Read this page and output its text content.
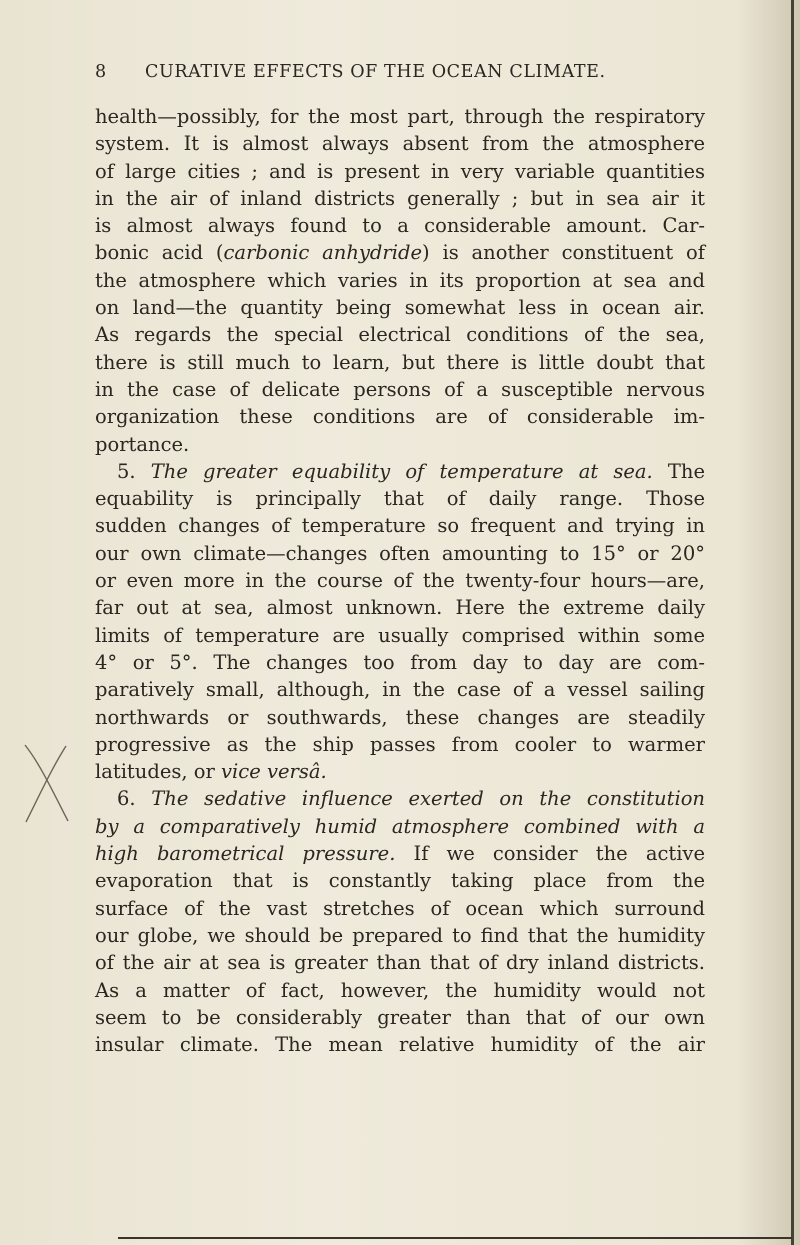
8 CURATIVE EFFECTS OF THE OCEAN CLIMATE.
health—possibly, for the most part, through the respiratory
system. It is almost always absent from the atmosphere
of large cities ; and is present in very variable quantities
in the air of inland districts generally ; but in sea air it
is almost always found to a considerable amount. Car-
bonic acid (carbonic anhydride) is another constituent of
the atmosphere which varies in its proportion at sea and
on land—the quantity being somewhat less in ocean air.
As regards the special electrical conditions of the sea,
there is still much to learn, but there is little doubt that
in the case of delicate persons of a susceptible nervous
organization these conditions are of considerable im-
portance.
5. The greater equability of temperature at sea. The
equability is principally that of daily range. Those
sudden changes of temperature so frequent and trying in
our own climate—changes often amounting to 15° or 20°
or even more in the course of the twenty-four hours—are,
far out at sea, almost unknown. Here the extreme daily
limits of temperature are usually comprised within some
4° or 5°. The changes too from day to day are com-
paratively small, although, in the case of a vessel sailing
northwards or southwards, these changes are steadily
progressive as the ship passes from cooler to warmer
latitudes, or vice versâ.
6. The sedative influence exerted on the constitution
by a comparatively humid atmosphere combined with a
high barometrical pressure. If we consider the active
evaporation that is constantly taking place from the
surface of the vast stretches of ocean which surround
our globe, we should be prepared to find that the humidity
of the air at sea is greater than that of dry inland districts.
As a matter of fact, however, the humidity would not
seem to be considerably greater than that of our own
insular climate. The mean relative humidity of the air
